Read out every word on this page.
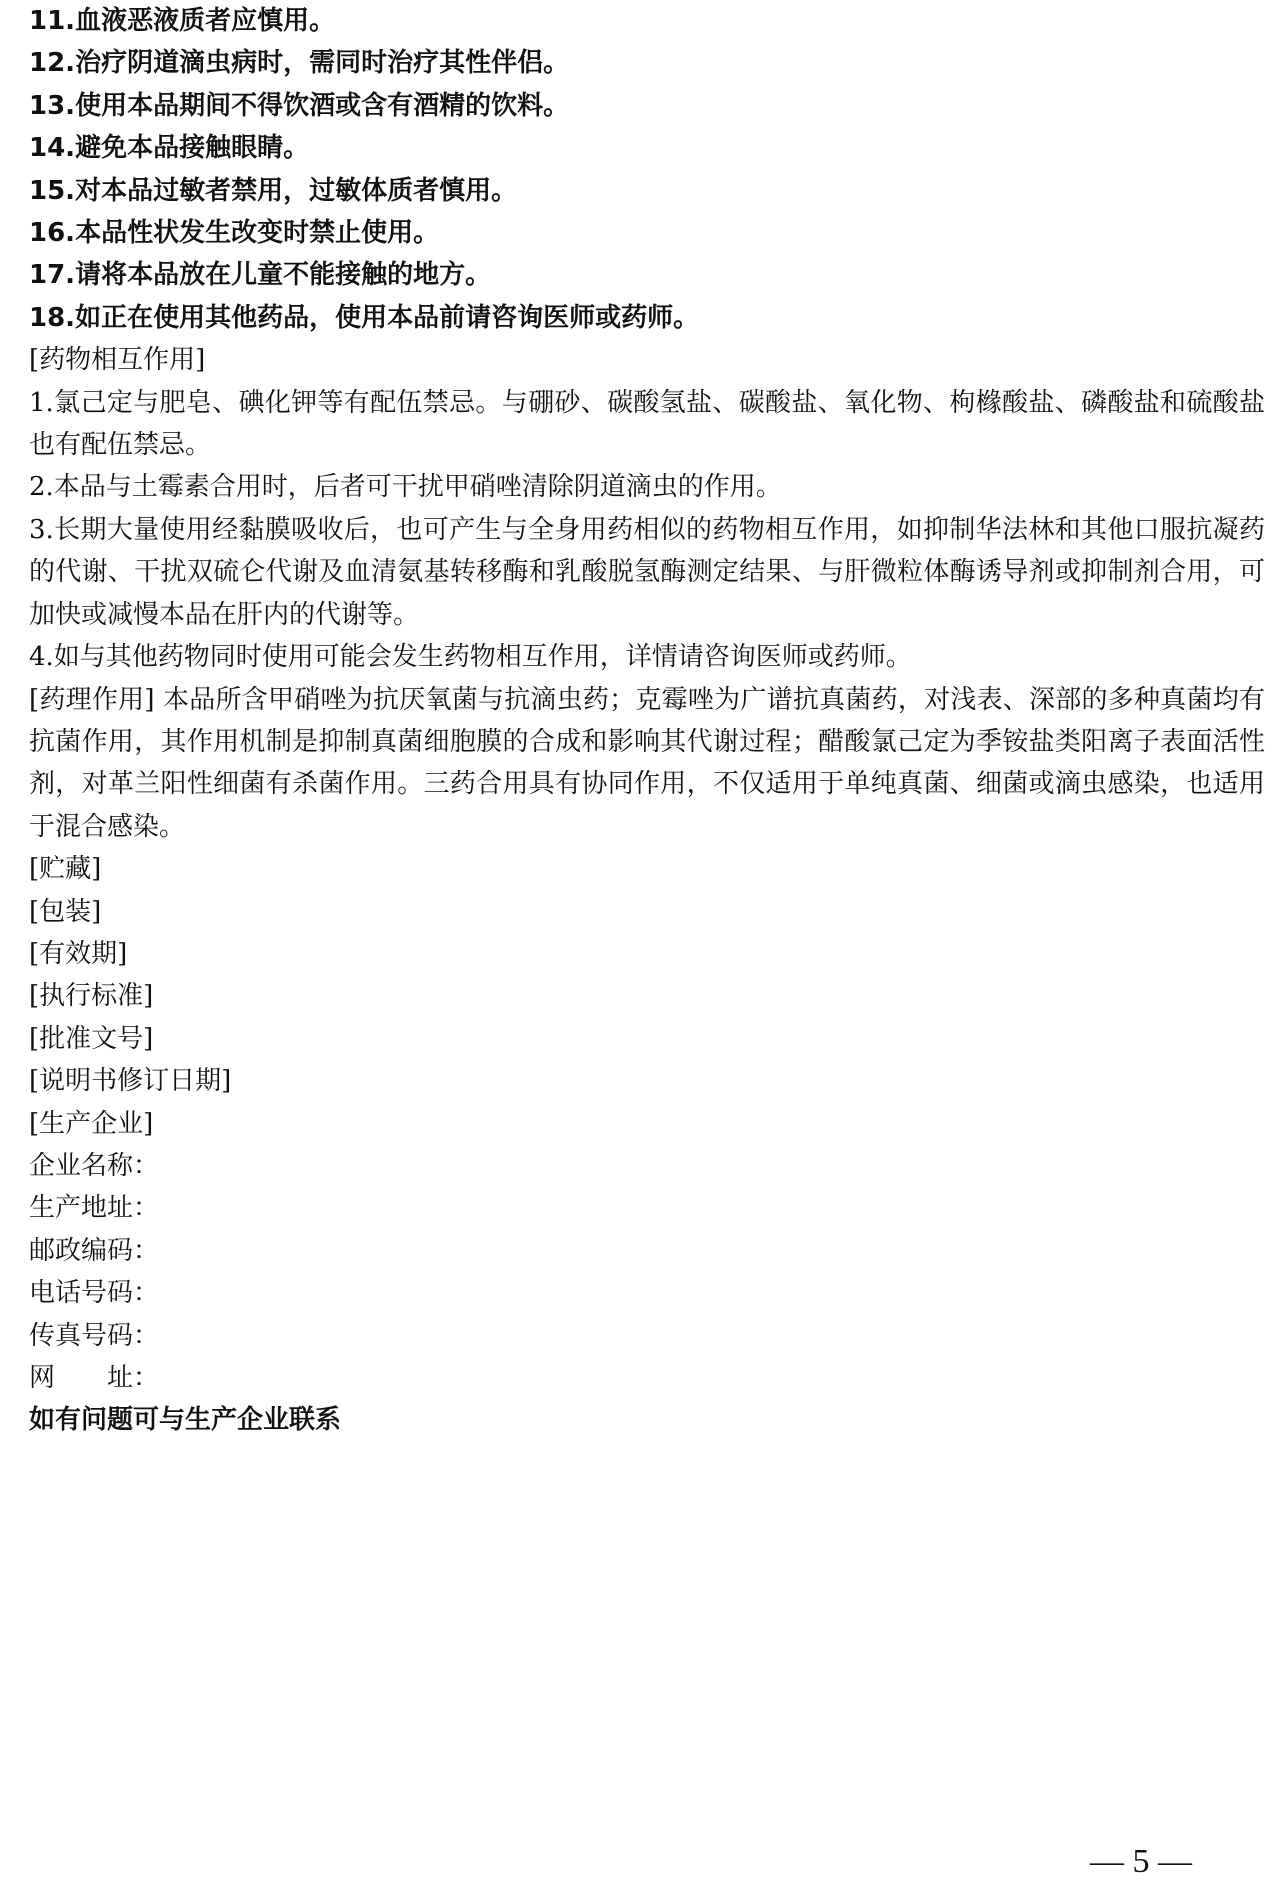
11.血液恶液质者应慎用。

12.治疗阴道滴虫病时，需同时治疗其性伴侣。

13.使用本品期间不得饮酒或含有酒精的饮料。

14.避免本品接触眼睛。

15.对本品过敏者禁用，过敏体质者慎用。

16.本品性状发生改变时禁止使用。

17.请将本品放在儿童不能接触的地方。

18.如正在使用其他药品，使用本品前请咨询医师或药师。

[药物相互作用]

1.氯己定与肥皂、碘化钾等有配伍禁忌。与硼砂、碳酸氢盐、碳酸盐、氧化物、枸橼酸盐、磷酸盐和硫酸盐也有配伍禁忌。

2.本品与土霉素合用时，后者可干扰甲硝唑清除阴道滴虫的作用。

3.长期大量使用经黏膜吸收后，也可产生与全身用药相似的药物相互作用，如抑制华法林和其他口服抗凝药的代谢、干扰双硫仑代谢及血清氨基转移酶和乳酸脱氢酶测定结果、与肝微粒体酶诱导剂或抑制剂合用，可加快或减慢本品在肝内的代谢等。

4.如与其他药物同时使用可能会发生药物相互作用，详情请咨询医师或药师。

[药理作用] 本品所含甲硝唑为抗厌氧菌与抗滴虫药；克霉唑为广谱抗真菌药，对浅表、深部的多种真菌均有抗菌作用，其作用机制是抑制真菌细胞膜的合成和影响其代谢过程；醋酸氯己定为季铵盐类阳离子表面活性剂，对革兰阳性细菌有杀菌作用。三药合用具有协同作用，不仅适用于单纯真菌、细菌或滴虫感染，也适用于混合感染。

[贮藏]

[包装]

[有效期]

[执行标准]

[批准文号]

[说明书修订日期]

[生产企业]

企业名称：

生产地址：

邮政编码：

电话号码：

传真号码：

网　　址：

如有问题可与生产企业联系

— 5 —
